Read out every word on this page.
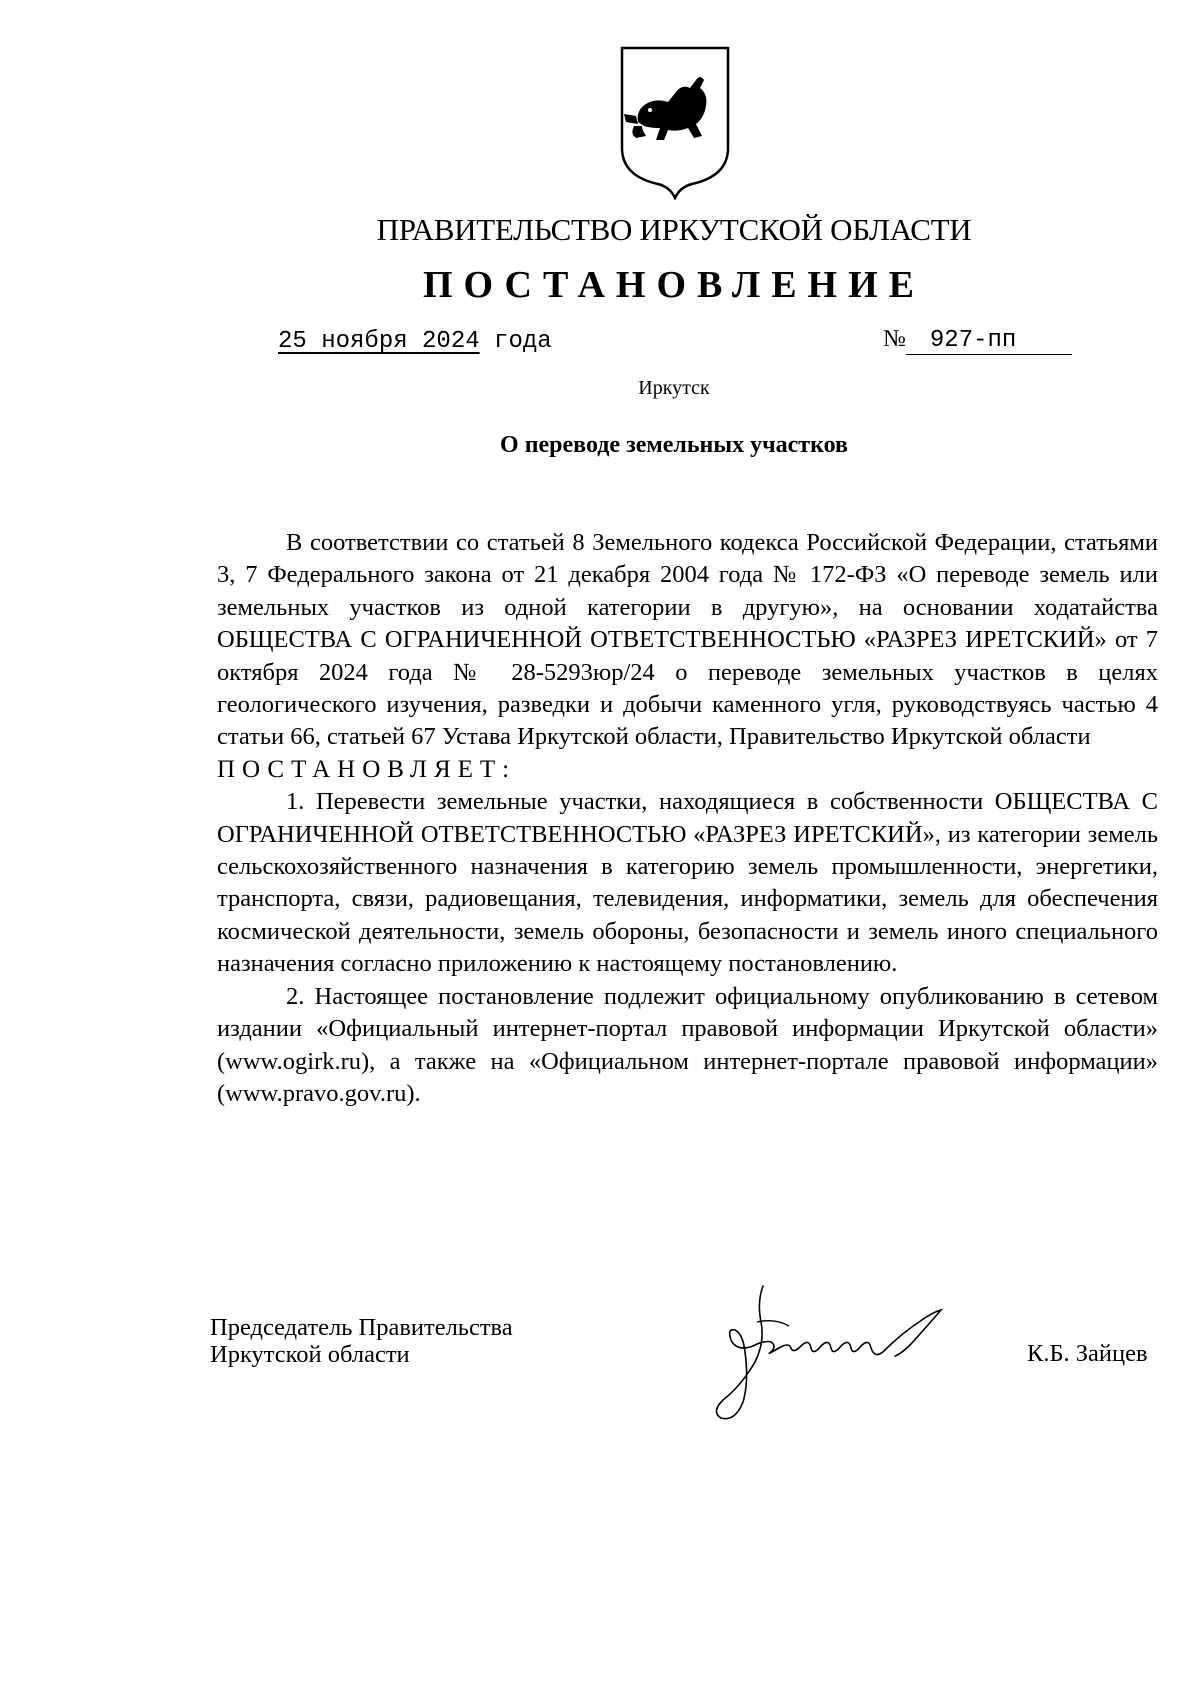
ПРАВИТЕЛЬСТВО ИРКУТСКОЙ ОБЛАСТИ
ПОСТАНОВЛЕНИЕ
25 ноября 2024 года	№ 927-пп
Иркутск
О переводе земельных участков

В соответствии со статьей 8 Земельного кодекса Российской Федерации, статьями 3, 7 Федерального закона от 21 декабря 2004 года № 172-ФЗ «О переводе земель или земельных участков из одной категории в другую», на основании ходатайства ОБЩЕСТВА С ОГРАНИЧЕННОЙ ОТВЕТСТВЕННОСТЬЮ «РАЗРЕЗ ИРЕТСКИЙ» от 7 октября 2024 года № 28-5293юр/24 о переводе земельных участков в целях геологического изучения, разведки и добычи каменного угля, руководствуясь частью 4 статьи 66, статьей 67 Устава Иркутской области, Правительство Иркутской области

ПОСТАНОВЛЯЕТ:

1. Перевести земельные участки, находящиеся в собственности ОБЩЕСТВА С ОГРАНИЧЕННОЙ ОТВЕТСТВЕННОСТЬЮ «РАЗРЕЗ ИРЕТСКИЙ», из категории земель сельскохозяйственного назначения в категорию земель промышленности, энергетики, транспорта, связи, радиовещания, телевидения, информатики, земель для обеспечения космической деятельности, земель обороны, безопасности и земель иного специального назначения согласно приложению к настоящему постановлению.

2. Настоящее постановление подлежит официальному опубликованию в сетевом издании «Официальный интернет-портал правовой информации Иркутской области» (www.ogirk.ru), а также на «Официальном интернет-портале правовой информации» (www.pravo.gov.ru).

Председатель Правительства
Иркутской области	К.Б. Зайцев
